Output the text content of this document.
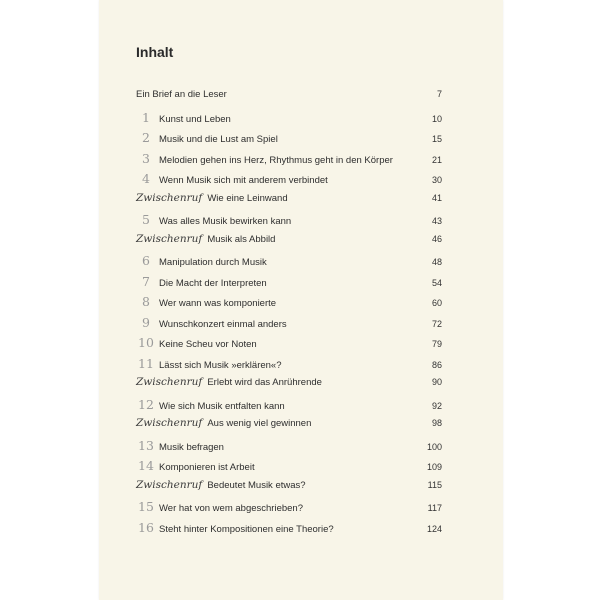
Inhalt
Ein Brief an die Leser	7
1 Kunst und Leben	10
2 Musik und die Lust am Spiel	15
3 Melodien gehen ins Herz, Rhythmus geht in den Körper	21
4 Wenn Musik sich mit anderem verbindet	30
Zwischenruf Wie eine Leinwand	41
5 Was alles Musik bewirken kann	43
Zwischenruf Musik als Abbild	46
6 Manipulation durch Musik	48
7 Die Macht der Interpreten	54
8 Wer wann was komponierte	60
9 Wunschkonzert einmal anders	72
10 Keine Scheu vor Noten	79
11 Lässt sich Musik »erklären«?	86
Zwischenruf Erlebt wird das Anrührende	90
12 Wie sich Musik entfalten kann	92
Zwischenruf Aus wenig viel gewinnen	98
13 Musik befragen	100
14 Komponieren ist Arbeit	109
Zwischenruf Bedeutet Musik etwas?	115
15 Wer hat von wem abgeschrieben?	117
16 Steht hinter Kompositionen eine Theorie?	124
